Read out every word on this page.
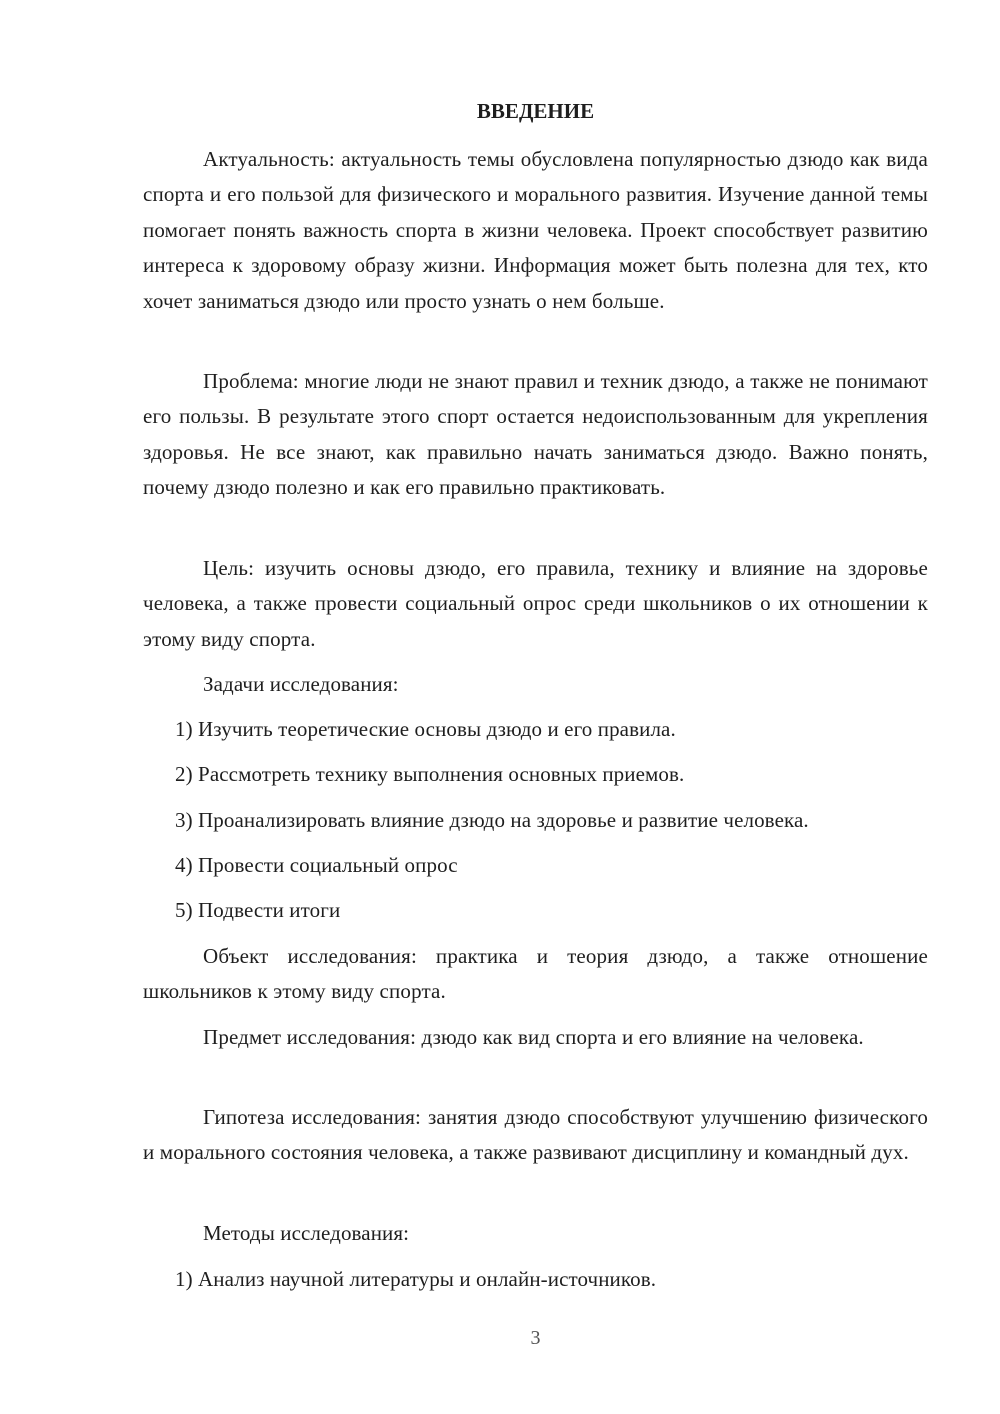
ВВЕДЕНИЕ

Актуальность: актуальность темы обусловлена популярностью дзюдо как вида спорта и его пользой для физического и морального развития. Изучение данной темы помогает понять важность спорта в жизни человека. Проект способствует развитию интереса к здоровому образу жизни. Информация может быть полезна для тех, кто хочет заниматься дзюдо или просто узнать о нем больше.

Проблема: многие люди не знают правил и техник дзюдо, а также не понимают его пользы. В результате этого спорт остается недоиспользованным для укрепления здоровья. Не все знают, как правильно начать заниматься дзюдо. Важно понять, почему дзюдо полезно и как его правильно практиковать.

Цель: изучить основы дзюдо, его правила, технику и влияние на здоровье человека, а также провести социальный опрос среди школьников о их отношении к этому виду спорта.

Задачи исследования:

1) Изучить теоретические основы дзюдо и его правила.

2) Рассмотреть технику выполнения основных приемов.

3) Проанализировать влияние дзюдо на здоровье и развитие человека.

4) Провести социальный опрос

5) Подвести итоги

Объект исследования: практика и теория дзюдо, а также отношение школьников к этому виду спорта.

Предмет исследования: дзюдо как вид спорта и его влияние на человека.

Гипотеза исследования: занятия дзюдо способствуют улучшению физического и морального состояния человека, а также развивают дисциплину и командный дух.

Методы исследования:

1) Анализ научной литературы и онлайн-источников.

3
